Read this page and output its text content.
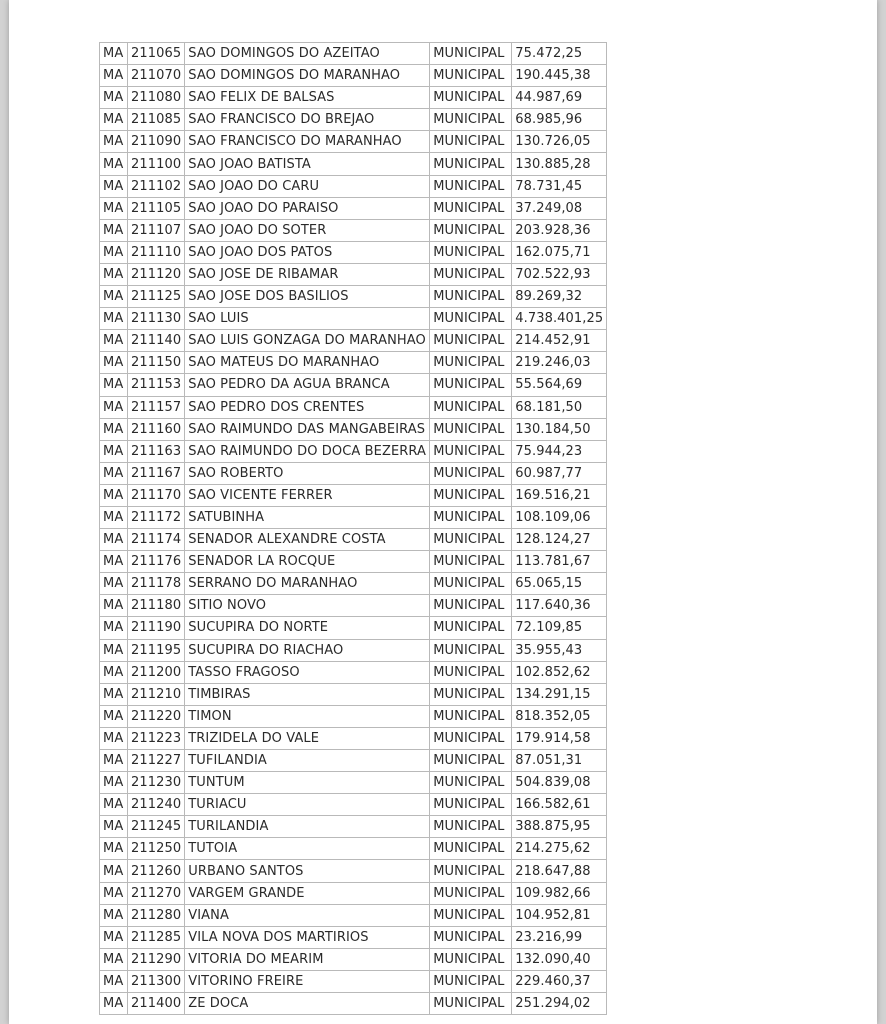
MA	211065	SAO DOMINGOS DO AZEITAO	MUNICIPAL	75.472,25
MA	211070	SAO DOMINGOS DO MARANHAO	MUNICIPAL	190.445,38
MA	211080	SAO FELIX DE BALSAS	MUNICIPAL	44.987,69
MA	211085	SAO FRANCISCO DO BREJAO	MUNICIPAL	68.985,96
MA	211090	SAO FRANCISCO DO MARANHAO	MUNICIPAL	130.726,05
MA	211100	SAO JOAO BATISTA	MUNICIPAL	130.885,28
MA	211102	SAO JOAO DO CARU	MUNICIPAL	78.731,45
MA	211105	SAO JOAO DO PARAISO	MUNICIPAL	37.249,08
MA	211107	SAO JOAO DO SOTER	MUNICIPAL	203.928,36
MA	211110	SAO JOAO DOS PATOS	MUNICIPAL	162.075,71
MA	211120	SAO JOSE DE RIBAMAR	MUNICIPAL	702.522,93
MA	211125	SAO JOSE DOS BASILIOS	MUNICIPAL	89.269,32
MA	211130	SAO LUIS	MUNICIPAL	4.738.401,25
MA	211140	SAO LUIS GONZAGA DO MARANHAO	MUNICIPAL	214.452,91
MA	211150	SAO MATEUS DO MARANHAO	MUNICIPAL	219.246,03
MA	211153	SAO PEDRO DA AGUA BRANCA	MUNICIPAL	55.564,69
MA	211157	SAO PEDRO DOS CRENTES	MUNICIPAL	68.181,50
MA	211160	SAO RAIMUNDO DAS MANGABEIRAS	MUNICIPAL	130.184,50
MA	211163	SAO RAIMUNDO DO DOCA BEZERRA	MUNICIPAL	75.944,23
MA	211167	SAO ROBERTO	MUNICIPAL	60.987,77
MA	211170	SAO VICENTE FERRER	MUNICIPAL	169.516,21
MA	211172	SATUBINHA	MUNICIPAL	108.109,06
MA	211174	SENADOR ALEXANDRE COSTA	MUNICIPAL	128.124,27
MA	211176	SENADOR LA ROCQUE	MUNICIPAL	113.781,67
MA	211178	SERRANO DO MARANHAO	MUNICIPAL	65.065,15
MA	211180	SITIO NOVO	MUNICIPAL	117.640,36
MA	211190	SUCUPIRA DO NORTE	MUNICIPAL	72.109,85
MA	211195	SUCUPIRA DO RIACHAO	MUNICIPAL	35.955,43
MA	211200	TASSO FRAGOSO	MUNICIPAL	102.852,62
MA	211210	TIMBIRAS	MUNICIPAL	134.291,15
MA	211220	TIMON	MUNICIPAL	818.352,05
MA	211223	TRIZIDELA DO VALE	MUNICIPAL	179.914,58
MA	211227	TUFILANDIA	MUNICIPAL	87.051,31
MA	211230	TUNTUM	MUNICIPAL	504.839,08
MA	211240	TURIACU	MUNICIPAL	166.582,61
MA	211245	TURILANDIA	MUNICIPAL	388.875,95
MA	211250	TUTOIA	MUNICIPAL	214.275,62
MA	211260	URBANO SANTOS	MUNICIPAL	218.647,88
MA	211270	VARGEM GRANDE	MUNICIPAL	109.982,66
MA	211280	VIANA	MUNICIPAL	104.952,81
MA	211285	VILA NOVA DOS MARTIRIOS	MUNICIPAL	23.216,99
MA	211290	VITORIA DO MEARIM	MUNICIPAL	132.090,40
MA	211300	VITORINO FREIRE	MUNICIPAL	229.460,37
MA	211400	ZE DOCA	MUNICIPAL	251.294,02
